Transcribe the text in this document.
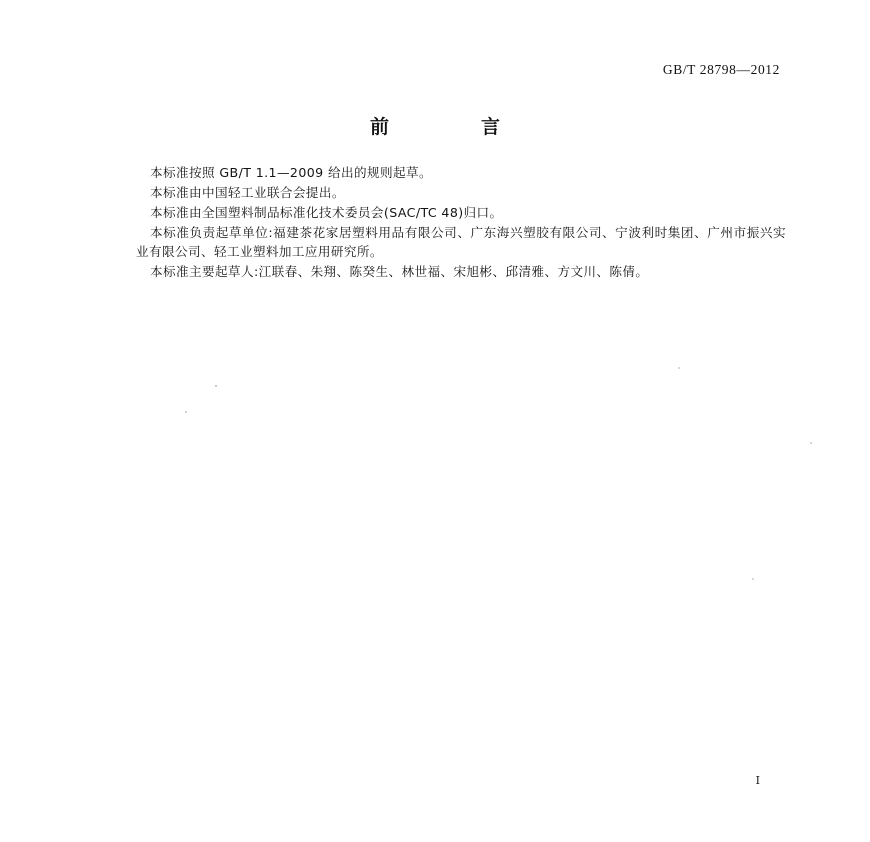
GB/T 28798—2012
前　　言

本标准按照 GB/T 1.1—2009 给出的规则起草。

本标准由中国轻工业联合会提出。

本标准由全国塑料制品标准化技术委员会(SAC/TC 48)归口。

本标准负责起草单位:福建茶花家居塑料用品有限公司、广东海兴塑胶有限公司、宁波利时集团、广州市振兴实业有限公司、轻工业塑料加工应用研究所。

本标准主要起草人:江联春、朱翔、陈癸生、林世福、宋旭彬、邱清雅、方文川、陈倩。

Ⅰ
